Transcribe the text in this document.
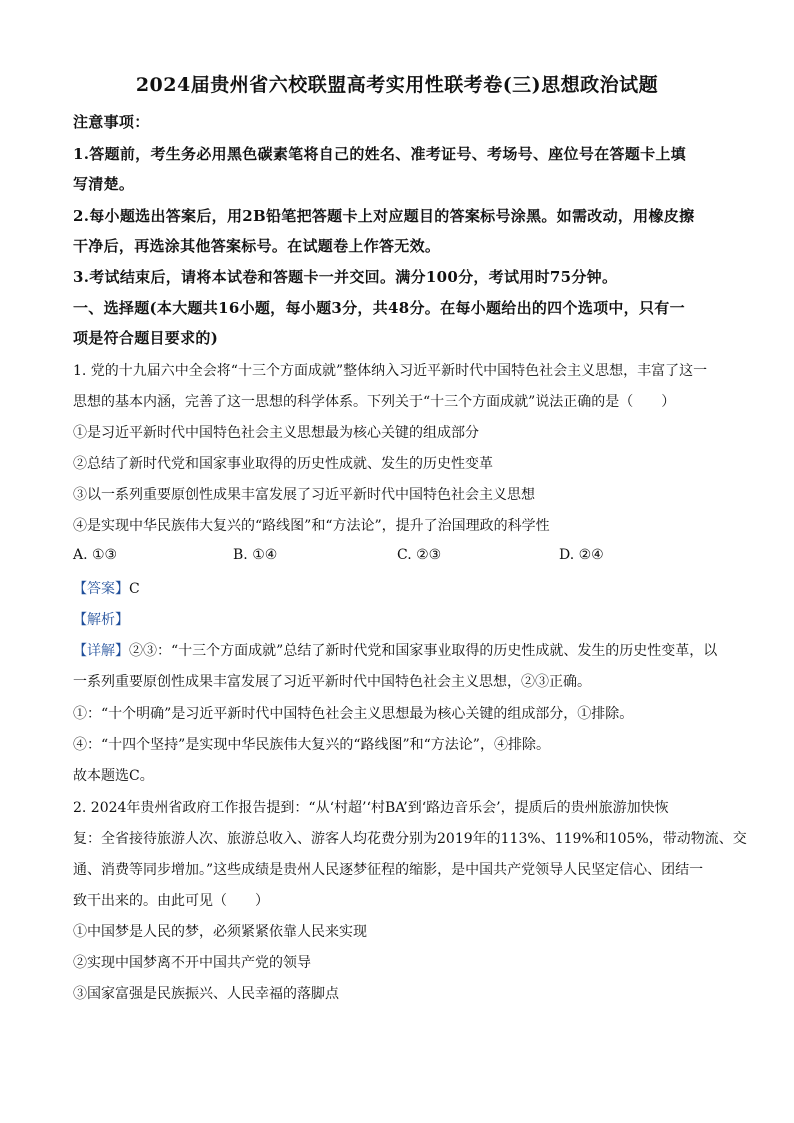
2024届贵州省六校联盟高考实用性联考卷(三)思想政治试题
注意事项：
1.答题前，考生务必用黑色碳素笔将自己的姓名、准考证号、考场号、座位号在答题卡上填
写清楚。
2.每小题选出答案后，用2B铅笔把答题卡上对应题目的答案标号涂黑。如需改动，用橡皮擦
干净后，再选涂其他答案标号。在试题卷上作答无效。
3.考试结束后，请将本试卷和答题卡一并交回。满分100分，考试用时75分钟。
一、选择题(本大题共16小题，每小题3分，共48分。在每小题给出的四个选项中，只有一
项是符合题目要求的)
1. 党的十九届六中全会将“十三个方面成就”整体纳入习近平新时代中国特色社会主义思想，丰富了这一
思想的基本内涵，完善了这一思想的科学体系。下列关于“十三个方面成就”说法正确的是（　　）
①是习近平新时代中国特色社会主义思想最为核心关键的组成部分
②总结了新时代党和国家事业取得的历史性成就、发生的历史性变革
③以一系列重要原创性成果丰富发展了习近平新时代中国特色社会主义思想
④是实现中华民族伟大复兴的“路线图”和“方法论”，提升了治国理政的科学性
A. ①③	B. ①④	C. ②③	D. ②④
【答案】C
【解析】
【详解】②③：“十三个方面成就”总结了新时代党和国家事业取得的历史性成就、发生的历史性变革，以
一系列重要原创性成果丰富发展了习近平新时代中国特色社会主义思想，②③正确。
①：“十个明确”是习近平新时代中国特色社会主义思想最为核心关键的组成部分，①排除。
④：“十四个坚持”是实现中华民族伟大复兴的“路线图”和“方法论”，④排除。
故本题选C。
2. 2024年贵州省政府工作报告提到：“从‘村超’‘村BA’到‘路边音乐会’，提质后的贵州旅游加快恢
复：全省接待旅游人次、旅游总收入、游客人均花费分别为2019年的113%、119%和105%，带动物流、交
通、消费等同步增加。”这些成绩是贵州人民逐梦征程的缩影，是中国共产党领导人民坚定信心、团结一
致干出来的。由此可见（　　）
①中国梦是人民的梦，必须紧紧依靠人民来实现
②实现中国梦离不开中国共产党的领导
③国家富强是民族振兴、人民幸福的落脚点
